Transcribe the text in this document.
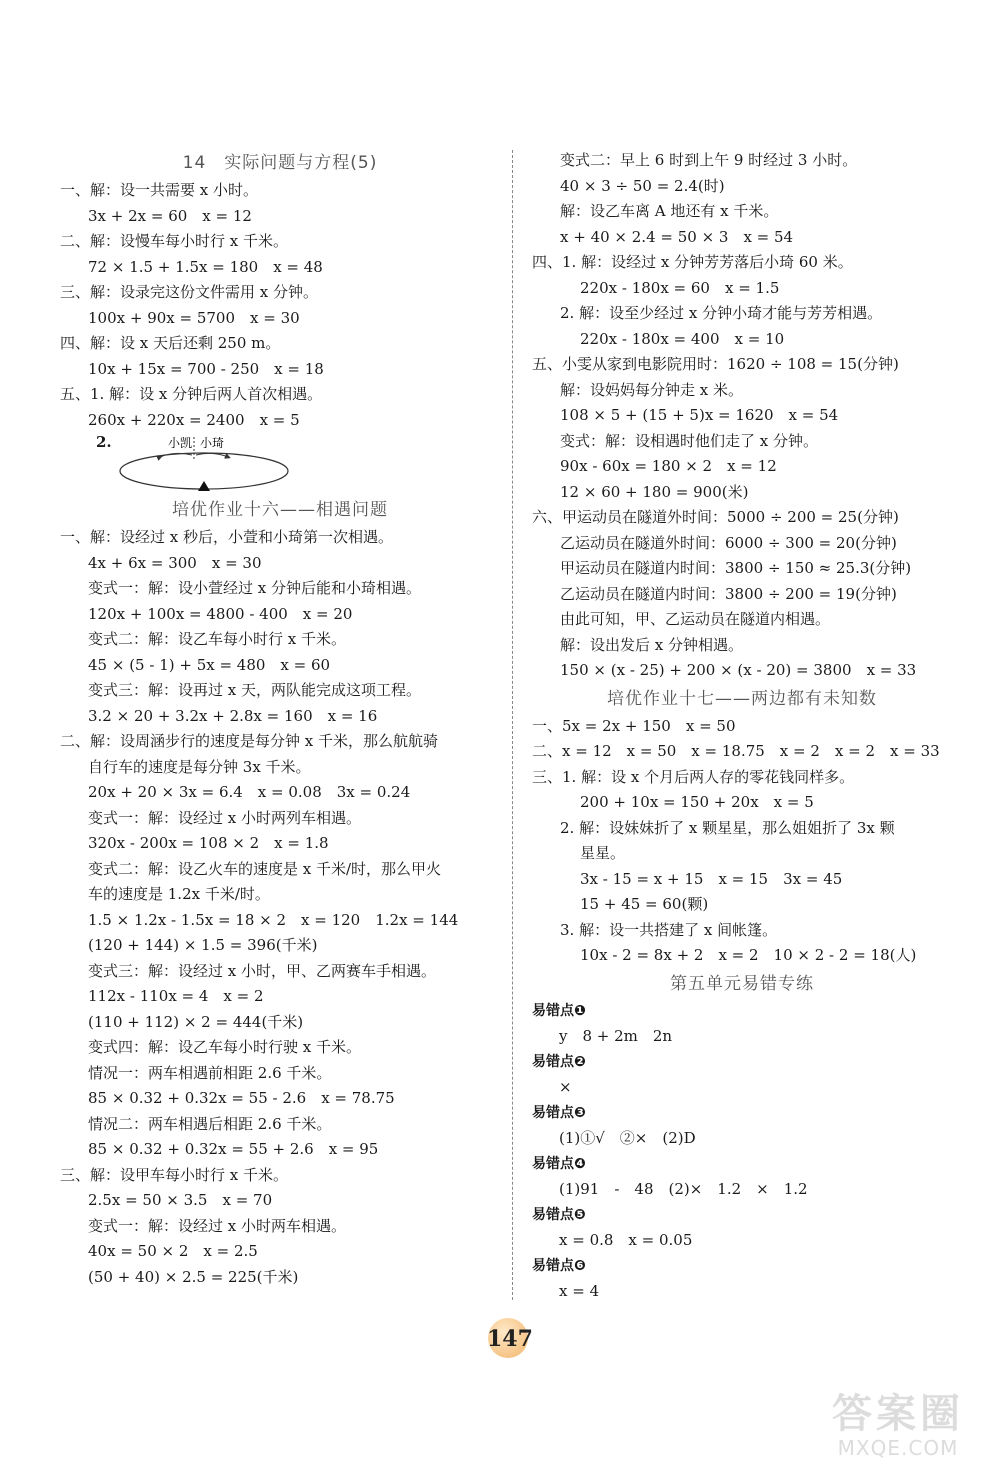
14　实际问题与方程(5)
一、解：设一共需要 x 小时。
3x + 2x = 60　x = 12
二、解：设慢车每小时行 x 千米。
72 × 1.5 + 1.5x = 180　x = 48
三、解：设录完这份文件需用 x 分钟。
100x + 90x = 5700　x = 30
四、解：设 x 天后还剩 250 m。
10x + 15x = 700 - 250　x = 18
五、1. 解：设 x 分钟后两人首次相遇。
260x + 220x = 2400　x = 5
2.	小凯 小琦
培优作业十六——相遇问题
一、解：设经过 x 秒后，小萱和小琦第一次相遇。
4x + 6x = 300　x = 30
变式一：解：设小萱经过 x 分钟后能和小琦相遇。
120x + 100x = 4800 - 400　x = 20
变式二：解：设乙车每小时行 x 千米。
45 × (5 - 1) + 5x = 480　x = 60
变式三：解：设再过 x 天，两队能完成这项工程。
3.2 × 20 + 3.2x + 2.8x = 160　x = 16
二、解：设周涵步行的速度是每分钟 x 千米，那么航航骑
自行车的速度是每分钟 3x 千米。
20x + 20 × 3x = 6.4　x = 0.08　3x = 0.24
变式一：解：设经过 x 小时两列车相遇。
320x - 200x = 108 × 2　x = 1.8
变式二：解：设乙火车的速度是 x 千米/时，那么甲火
车的速度是 1.2x 千米/时。
1.5 × 1.2x - 1.5x = 18 × 2　x = 120　1.2x = 144
(120 + 144) × 1.5 = 396(千米)
变式三：解：设经过 x 小时，甲、乙两赛车手相遇。
112x - 110x = 4　x = 2
(110 + 112) × 2 = 444(千米)
变式四：解：设乙车每小时行驶 x 千米。
情况一：两车相遇前相距 2.6 千米。
85 × 0.32 + 0.32x = 55 - 2.6　x = 78.75
情况二：两车相遇后相距 2.6 千米。
85 × 0.32 + 0.32x = 55 + 2.6　x = 95
三、解：设甲车每小时行 x 千米。
2.5x = 50 × 3.5　x = 70
变式一：解：设经过 x 小时两车相遇。
40x = 50 × 2　x = 2.5
(50 + 40) × 2.5 = 225(千米)
变式二：早上 6 时到上午 9 时经过 3 小时。
40 × 3 ÷ 50 = 2.4(时)
解：设乙车离 A 地还有 x 千米。
x + 40 × 2.4 = 50 × 3　x = 54
四、1. 解：设经过 x 分钟芳芳落后小琦 60 米。
220x - 180x = 60　x = 1.5
2. 解：设至少经过 x 分钟小琦才能与芳芳相遇。
220x - 180x = 400　x = 10
五、小雯从家到电影院用时：1620 ÷ 108 = 15(分钟)
解：设妈妈每分钟走 x 米。
108 × 5 + (15 + 5)x = 1620　x = 54
变式：解：设相遇时他们走了 x 分钟。
90x - 60x = 180 × 2　x = 12
12 × 60 + 180 = 900(米)
六、甲运动员在隧道外时间：5000 ÷ 200 = 25(分钟)
乙运动员在隧道外时间：6000 ÷ 300 = 20(分钟)
甲运动员在隧道内时间：3800 ÷ 150 ≈ 25.3(分钟)
乙运动员在隧道内时间：3800 ÷ 200 = 19(分钟)
由此可知，甲、乙运动员在隧道内相遇。
解：设出发后 x 分钟相遇。
150 × (x - 25) + 200 × (x - 20) = 3800　x = 33
培优作业十七——两边都有未知数
一、5x = 2x + 150　x = 50
二、x = 12　x = 50　x = 18.75　x = 2　x = 2　x = 33
三、1. 解：设 x 个月后两人存的零花钱同样多。
200 + 10x = 150 + 20x　x = 5
2. 解：设妹妹折了 x 颗星星，那么姐姐折了 3x 颗
星星。
3x - 15 = x + 15　x = 15　3x = 45
15 + 45 = 60(颗)
3. 解：设一共搭建了 x 间帐篷。
10x - 2 = 8x + 2　x = 2　10 × 2 - 2 = 18(人)
第五单元易错专练
易错点❶
　y　8 + 2m　2n
易错点❷
　×
易错点❸
　(1)①√　②×　(2)D
易错点❹
　(1)91　-　48　(2)×　1.2　×　1.2
易错点❺
　x = 0.8　x = 0.05
易错点❻
　x = 4
147
答案圈
MXQE.COM
